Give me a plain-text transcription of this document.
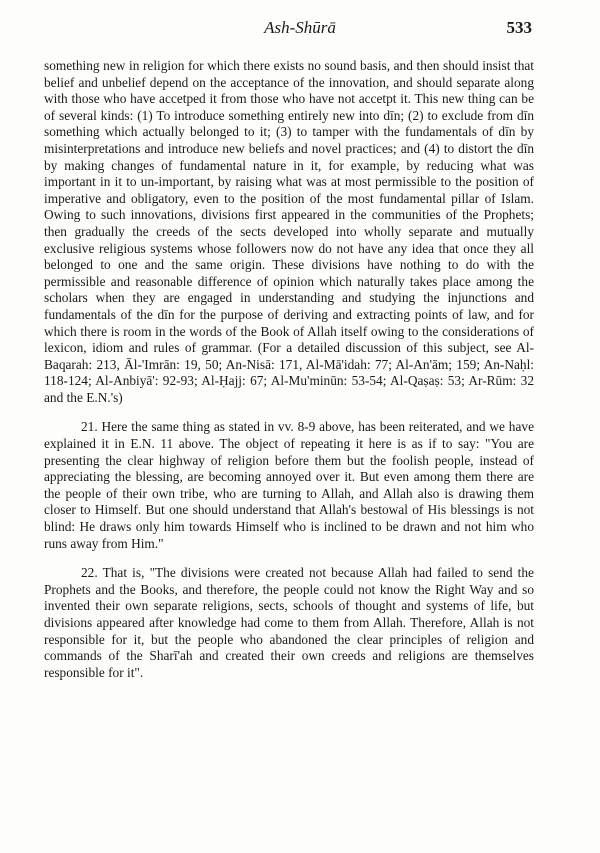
Ash-Shūrā	533

something new in religion for which there exists no sound basis, and then should insist that belief and unbelief depend on the acceptance of the innovation, and should separate along with those who have accetped it from those who have not accetpt it. This new thing can be of several kinds: (1) To introduce something entirely new into dīn; (2) to exclude from dīn something which actually belonged to it; (3) to tamper with the fundamentals of dīn by misinterpretations and introduce new beliefs and novel practices; and (4) to distort the dīn by making changes of fundamental nature in it, for example, by reducing what was important in it to un-important, by raising what was at most permissible to the position of imperative and obligatory, even to the position of the most fundamental pillar of Islam. Owing to such innovations, divisions first appeared in the communities of the Prophets; then gradually the creeds of the sects developed into wholly separate and mutually exclusive religious systems whose followers now do not have any idea that once they all belonged to one and the same origin. These divisions have nothing to do with the permissible and reasonable difference of opinion which naturally takes place among the scholars when they are engaged in understanding and studying the injunctions and fundamentals of the dīn for the purpose of deriving and extracting points of law, and for which there is room in the words of the Book of Allah itself owing to the considerations of lexicon, idiom and rules of grammar. (For a detailed discussion of this subject, see Al-Baqarah: 213, Āl-'Imrān: 19, 50; An-Nisā: 171, Al-Mā'idah: 77; Al-An'ām; 159; An-Naḥl: 118-124; Al-Anbiyā': 92-93; Al-Ḥajj: 67; Al-Mu'minūn: 53-54; Al-Qaṣaṣ: 53; Ar-Rūm: 32 and the E.N.'s)

21. Here the same thing as stated in vv. 8-9 above, has been reiterated, and we have explained it in E.N. 11 above. The object of repeating it here is as if to say: "You are presenting the clear highway of religion before them but the foolish people, instead of appreciating the blessing, are becoming annoyed over it. But even among them there are the people of their own tribe, who are turning to Allah, and Allah also is drawing them closer to Himself. But one should understand that Allah's bestowal of His blessings is not blind: He draws only him towards Himself who is inclined to be drawn and not him who runs away from Him."

22. That is, "The divisions were created not because Allah had failed to send the Prophets and the Books, and therefore, the people could not know the Right Way and so invented their own separate religions, sects, schools of thought and systems of life, but divisions appeared after knowledge had come to them from Allah. Therefore, Allah is not responsible for it, but the people who abandoned the clear principles of religion and commands of the Sharī'ah and created their own creeds and religions are themselves responsible for it".
